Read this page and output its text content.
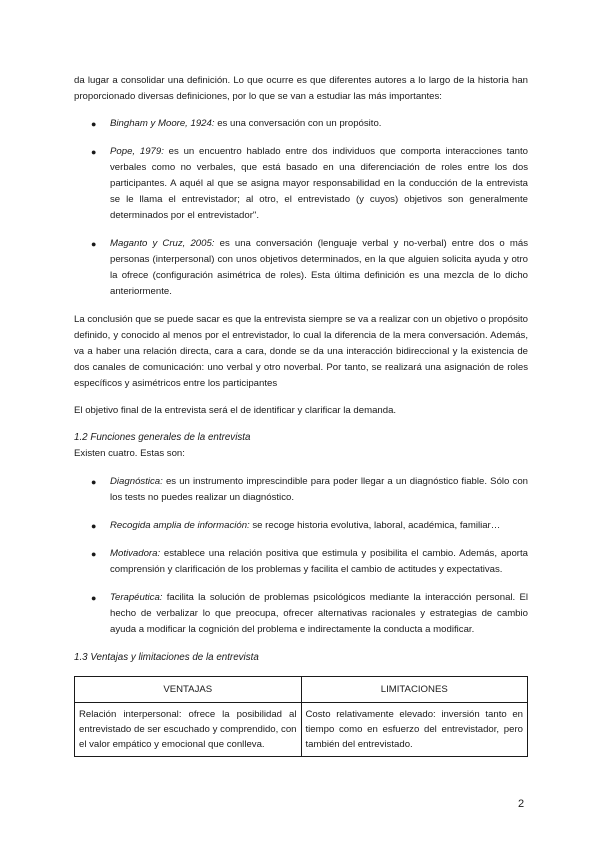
da lugar a consolidar una definición. Lo que ocurre es que diferentes autores a lo largo de la historia han proporcionado diversas definiciones, por lo que se van a estudiar las más importantes:

● Bingham y Moore, 1924: es una conversación con un propósito.
● Pope, 1979: es un encuentro hablado entre dos individuos que comporta interacciones tanto verbales como no verbales, que está basado en una diferenciación de roles entre los dos participantes. A aquél al que se asigna mayor responsabilidad en la conducción de la entrevista se le llama el entrevistador; al otro, el entrevistado (y cuyos) objetivos son generalmente determinados por el entrevistador".
● Maganto y Cruz, 2005: es una conversación (lenguaje verbal y no-verbal) entre dos o más personas (interpersonal) con unos objetivos determinados, en la que alguien solicita ayuda y otro la ofrece (configuración asimétrica de roles). Esta última definición es una mezcla de lo dicho anteriormente.

La conclusión que se puede sacar es que la entrevista siempre se va a realizar con un objetivo o propósito definido, y conocido al menos por el entrevistador, lo cual la diferencia de la mera conversación. Además, va a haber una relación directa, cara a cara, donde se da una interacción bidireccional y la existencia de dos canales de comunicación: uno verbal y otro noverbal. Por tanto, se realizará una asignación de roles específicos y asimétricos entre los participantes

El objetivo final de la entrevista será el de identificar y clarificar la demanda.

1.2 Funciones generales de la entrevista

Existen cuatro. Estas son:

● Diagnóstica: es un instrumento imprescindible para poder llegar a un diagnóstico fiable. Sólo con los tests no puedes realizar un diagnóstico.
● Recogida amplia de información: se recoge historia evolutiva, laboral, académica, familiar…
● Motivadora: establece una relación positiva que estimula y posibilita el cambio. Además, aporta comprensión y clarificación de los problemas y facilita el cambio de actitudes y expectativas.
● Terapéutica: facilita la solución de problemas psicológicos mediante la interacción personal. El hecho de verbalizar lo que preocupa, ofrecer alternativas racionales y estrategias de cambio ayuda a modificar la cognición del problema e indirectamente la conducta a modificar.
1.3 Ventajas y limitaciones de la entrevista
VENTAJAS	LIMITACIONES
Relación interpersonal: ofrece la posibilidad al entrevistado de ser escuchado y comprendido, con el valor empático y emocional que conlleva.	Costo relativamente elevado: inversión tanto en tiempo como en esfuerzo del entrevistador, pero también del entrevistado.
2
